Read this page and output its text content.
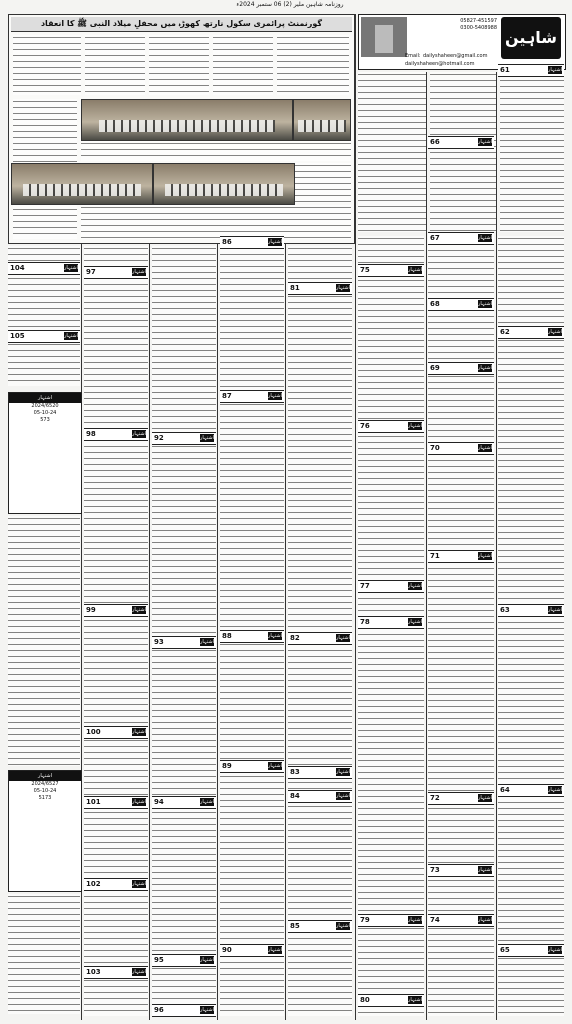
روزنامہ شاہین ملیر (2) 06 ستمبر 2024ء
05827-451597
0300-5408988
Email: dailyshaheen@gmail.com
dailyshaheen@hotmail.com
شاہین
گورنمنٹ پرائمری سکول نارتھ کھوڑہ میں محفلِ میلاد النبی ﷺ کا انعقاد
اشتہار
2024/6520
05-10-24
573
اشتہار
2024/6527
05-10-24
5173
104	اشتہار
105	اشتہار
97	اشتہار
98	اشتہار
99	اشتہار
100	اشتہار
101	اشتہار
102	اشتہار
103	اشتہار
92	اشتہار
93	اشتہار
94	اشتہار
95	اشتہار
96	اشتہار
86	اشتہار
87	اشتہار
88	اشتہار
89	اشتہار
90	اشتہار
81	اشتہار
82	اشتہار
83	اشتہار
84	اشتہار
85	اشتہار
75	اشتہار
76	اشتہار
77	اشتہار
78	اشتہار
79	اشتہار
80	اشتہار
66	اشتہار
67	اشتہار
68	اشتہار
69	اشتہار
70	اشتہار
71	اشتہار
72	اشتہار
73	اشتہار
74	اشتہار
61	اشتہار
62	اشتہار
63	اشتہار
64	اشتہار
65	اشتہار
